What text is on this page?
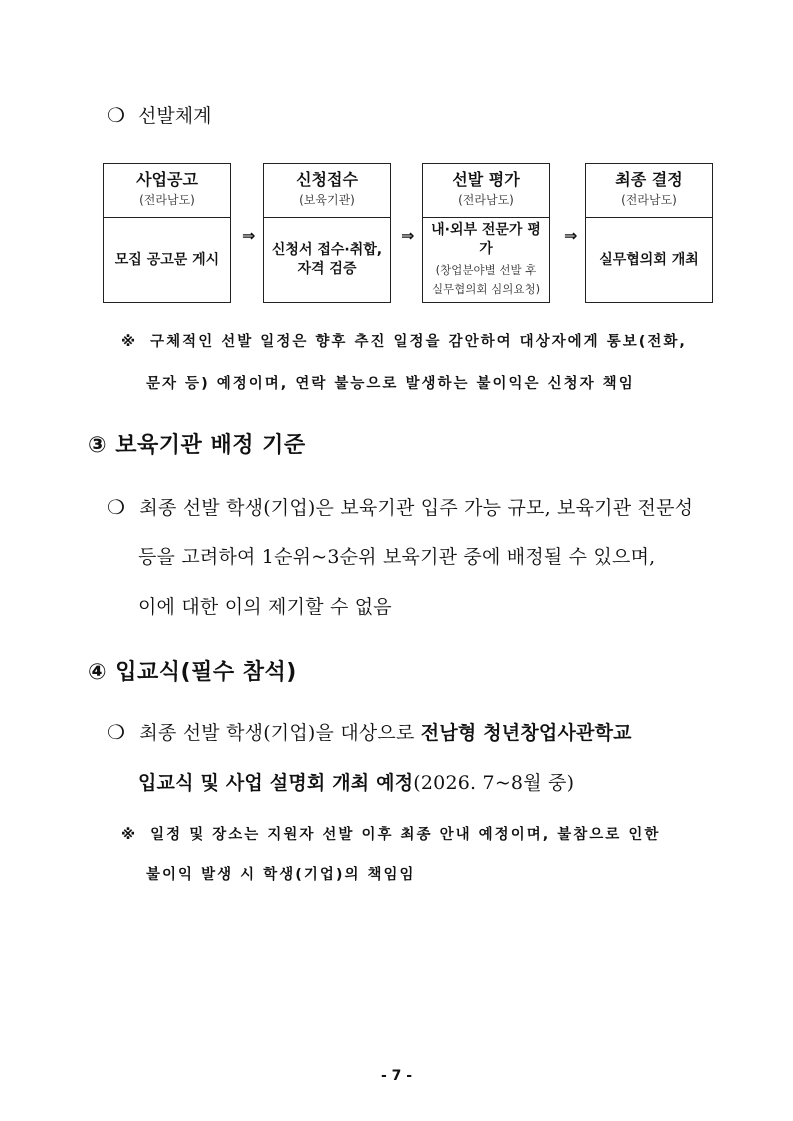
❍ 선발체계
사업공고
(전라남도)
모집 공고문 게시
⇒
신청접수
(보육기관)
신청서 접수·취합,
자격 검증
⇒
선발 평가
(전라남도)
내·외부 전문가 평가
(창업분야별 선발 후
실무협의회 심의요청)
⇒
최종 결정
(전라남도)
실무협의회 개최
※ 구체적인 선발 일정은 향후 추진 일정을 감안하여 대상자에게 통보(전화,
문자 등) 예정이며, 연락 불능으로 발생하는 불이익은 신청자 책임
③ 보육기관 배정 기준
❍ 최종 선발 학생(기업)은 보육기관 입주 가능 규모, 보육기관 전문성
등을 고려하여 1순위~3순위 보육기관 중에 배정될 수 있으며,
이에 대한 이의 제기할 수 없음
④ 입교식(필수 참석)
❍ 최종 선발 학생(기업)을 대상으로 전남형 청년창업사관학교
입교식 및 사업 설명회 개최 예정(2026. 7~8월 중)
※ 일정 및 장소는 지원자 선발 이후 최종 안내 예정이며, 불참으로 인한
불이익 발생 시 학생(기업)의 책임임
- 7 -
